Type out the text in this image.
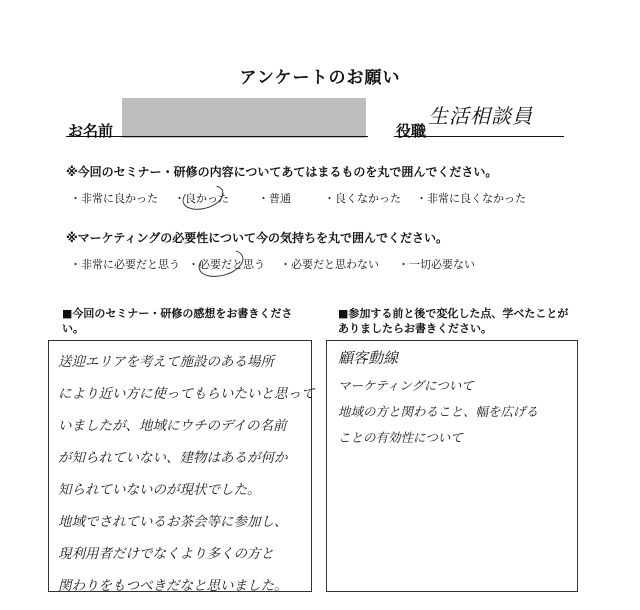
アンケートのお願い
お名前	役職
生活相談員
※今回のセミナー・研修の内容についてあてはまるものを丸で囲んでください。
・非常に良かった	・良かった	・普通	・良くなかった	・非常に良くなかった
※マーケティングの必要性について今の気持ちを丸で囲んでください。
・非常に必要だと思う ・必要だと思う	・必要だと思わない	・一切必要ない
■今回のセミナー・研修の感想をお書きください。
送迎エリアを考えて施設のある場所
により近い方に使ってもらいたいと思って
いましたが、地域にウチのデイの名前
が知られていない、建物はあるが何か
知られていないのが現状でした。
地域でされているお茶会等に参加し、
現利用者だけでなくより多くの方と
関わりをもつべきだなと思いました。
■参加する前と後で変化した点、学べたことがありましたらお書きください。
顧客動線
マーケティングについて
地域の方と関わること、幅を広げる
ことの有効性について
